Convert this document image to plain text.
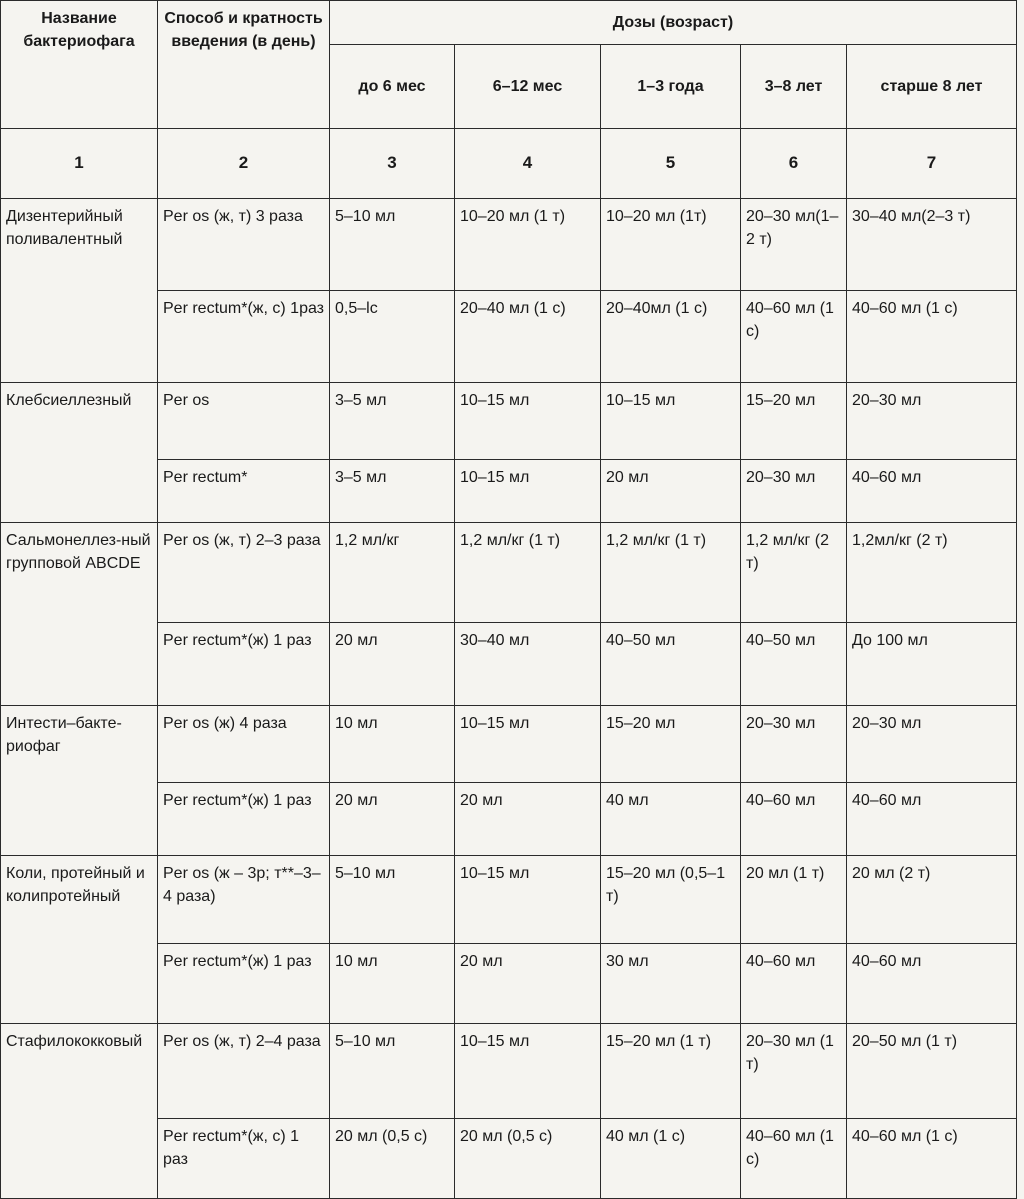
Название бактериофага	Способ и кратность введения (в день)	Дозы (возраст)				
		до 6 мес	6–12 мес	1–3 года	3–8 лет	старше 8 лет
1	2	3	4	5	6	7
Дизентерийный поливалентный	Per os (ж, т) 3 раза	5–10 мл	10–20 мл (1 т)	10–20 мл (1т)	20–30 мл(1–2 т)	30–40 мл(2–3 т)
	Per rectum*(ж, с) 1раз	0,5–lc	20–40 мл (1 с)	20–40мл (1 с)	40–60 мл (1 с)	40–60 мл (1 с)
Клебсиеллезный	Per os	3–5 мл	10–15 мл	10–15 мл	15–20 мл	20–30 мл
	Per rectum*	3–5 мл	10–15 мл	20 мл	20–30 мл	40–60 мл
Сальмонеллез-ный групповой ABCDE	Per os (ж, т) 2–3 раза	1,2 мл/кг	1,2 мл/кг (1 т)	1,2 мл/кг (1 т)	1,2 мл/кг (2 т)	1,2мл/кг (2 т)
	Per rectum*(ж) 1 раз	20 мл	30–40 мл	40–50 мл	40–50 мл	До 100 мл
Интести–бакте-риофаг	Per os (ж) 4 раза	10 мл	10–15 мл	15–20 мл	20–30 мл	20–30 мл
	Per rectum*(ж) 1 раз	20 мл	20 мл	40 мл	40–60 мл	40–60 мл
Коли, протейный и колипротейный	Per os (ж – 3р; т**–3–4 раза)	5–10 мл	10–15 мл	15–20 мл (0,5–1 т)	20 мл (1 т)	20 мл (2 т)
	Per rectum*(ж) 1 раз	10 мл	20 мл	30 мл	40–60 мл	40–60 мл
Стафилококковый	Per os (ж, т) 2–4 раза	5–10 мл	10–15 мл	15–20 мл (1 т)	20–30 мл (1 т)	20–50 мл (1 т)
	Per rectum*(ж, с) 1 раз	20 мл (0,5 с)	20 мл (0,5 с)	40 мл (1 с)	40–60 мл (1 с)	40–60 мл (1 с)
